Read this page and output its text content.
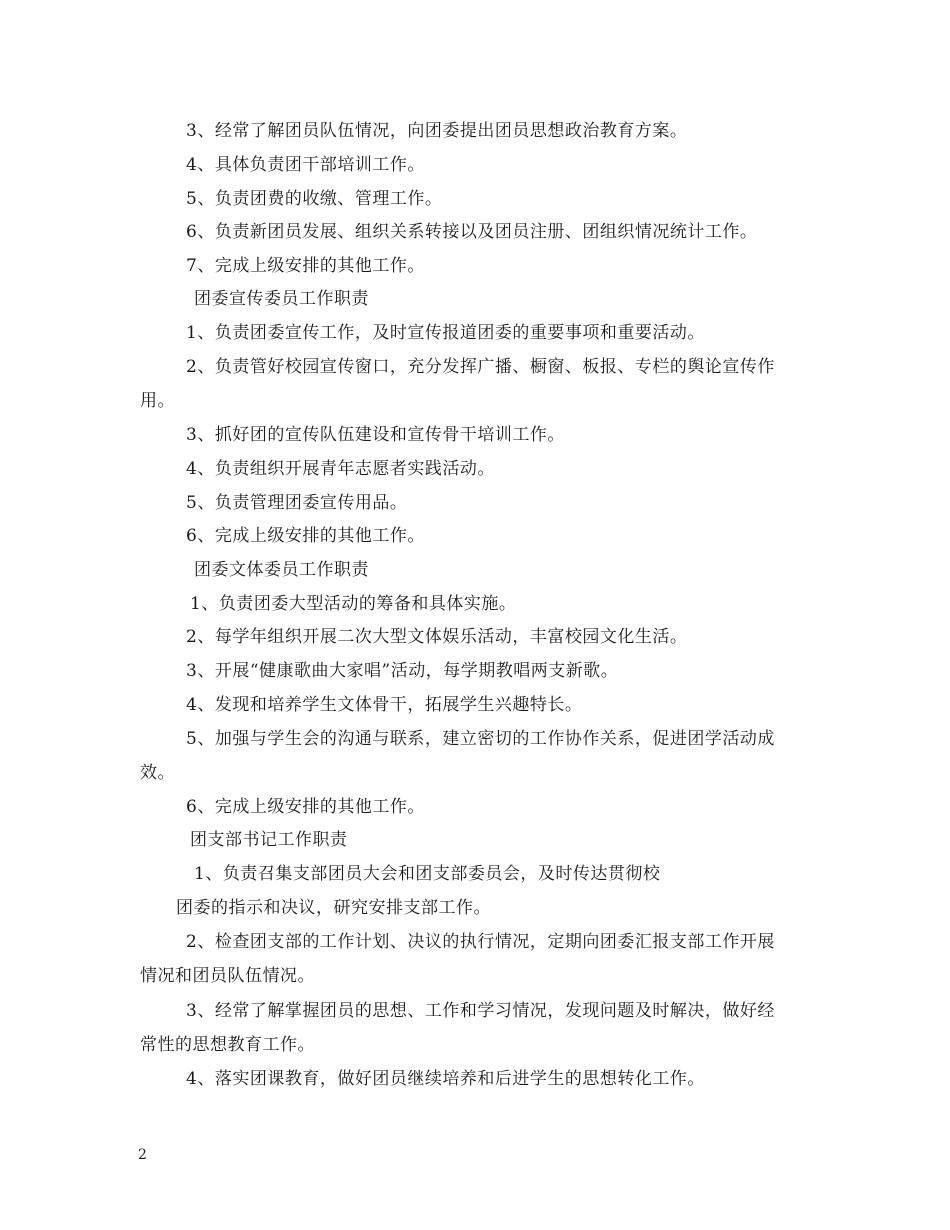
3、经常了解团员队伍情况，向团委提出团员思想政治教育方案。
4、具体负责团干部培训工作。
5、负责团费的收缴、管理工作。
6、负责新团员发展、组织关系转接以及团员注册、团组织情况统计工作。
7、完成上级安排的其他工作。
团委宣传委员工作职责
1、负责团委宣传工作，及时宣传报道团委的重要事项和重要活动。
2、负责管好校园宣传窗口，充分发挥广播、橱窗、板报、专栏的舆论宣传作
用。
3、抓好团的宣传队伍建设和宣传骨干培训工作。
4、负责组织开展青年志愿者实践活动。
5、负责管理团委宣传用品。
6、完成上级安排的其他工作。
团委文体委员工作职责
1、负责团委大型活动的筹备和具体实施。
2、每学年组织开展二次大型文体娱乐活动，丰富校园文化生活。
3、开展“健康歌曲大家唱”活动，每学期教唱两支新歌。
4、发现和培养学生文体骨干，拓展学生兴趣特长。
5、加强与学生会的沟通与联系，建立密切的工作协作关系，促进团学活动成
效。
6、完成上级安排的其他工作。
团支部书记工作职责
1、负责召集支部团员大会和团支部委员会，及时传达贯彻校
团委的指示和决议，研究安排支部工作。
2、检查团支部的工作计划、决议的执行情况，定期向团委汇报支部工作开展
情况和团员队伍情况。
3、经常了解掌握团员的思想、工作和学习情况，发现问题及时解决，做好经
常性的思想教育工作。
4、落实团课教育，做好团员继续培养和后进学生的思想转化工作。
2
